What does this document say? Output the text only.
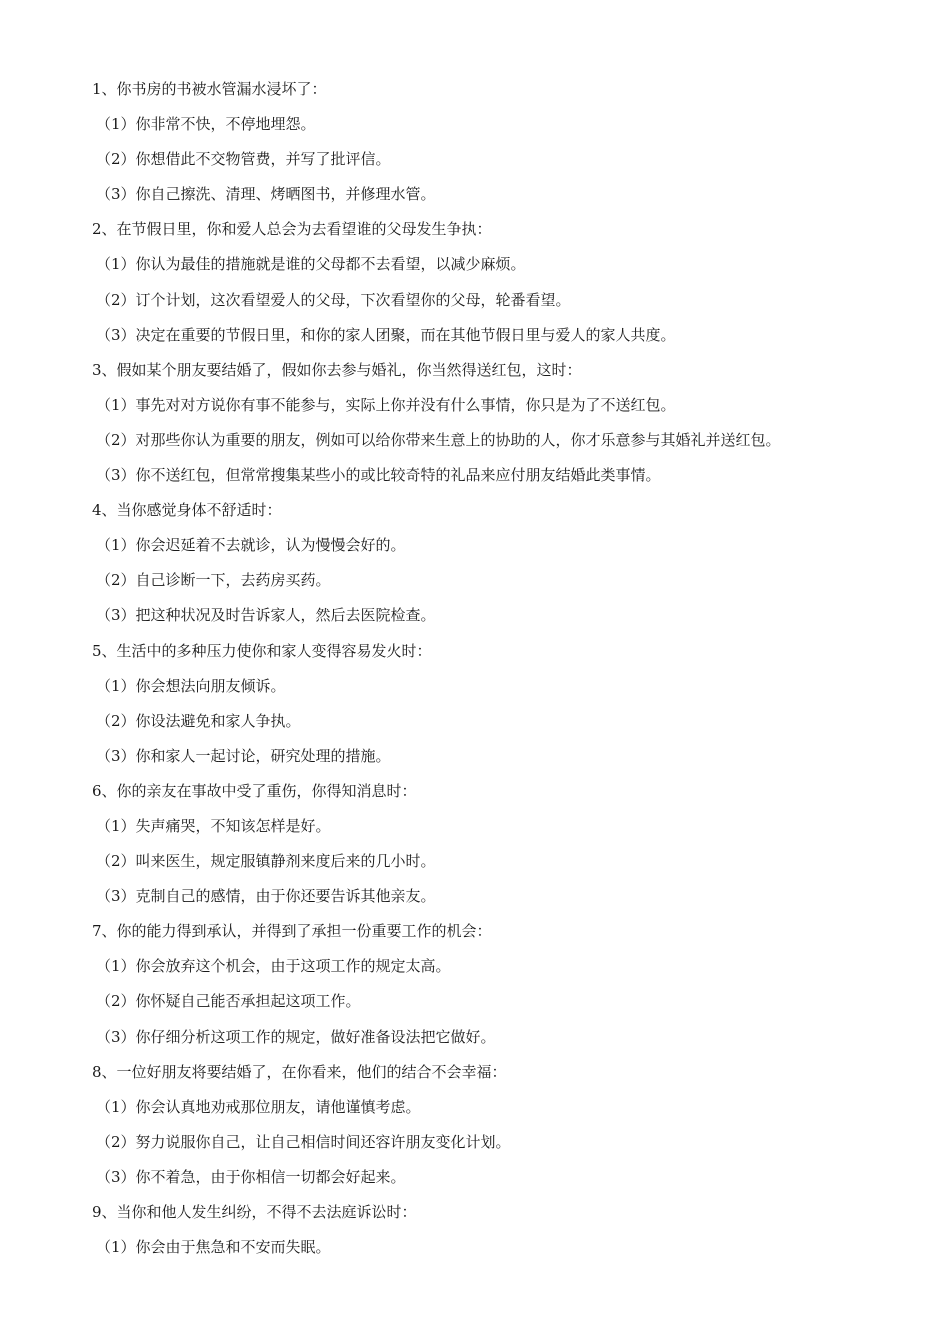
1、你书房的书被水管漏水浸坏了：
（1）你非常不快，不停地埋怨。
（2）你想借此不交物管费，并写了批评信。
（3）你自己擦洗、清理、烤晒图书，并修理水管。
2、在节假日里，你和爱人总会为去看望谁的父母发生争执：
（1）你认为最佳的措施就是谁的父母都不去看望，以减少麻烦。
（2）订个计划，这次看望爱人的父母，下次看望你的父母，轮番看望。
（3）决定在重要的节假日里，和你的家人团聚，而在其他节假日里与爱人的家人共度。
3、假如某个朋友要结婚了，假如你去参与婚礼，你当然得送红包，这时：
（1）事先对对方说你有事不能参与，实际上你并没有什么事情，你只是为了不送红包。
（2）对那些你认为重要的朋友，例如可以给你带来生意上的协助的人，你才乐意参与其婚礼并送红包。
（3）你不送红包，但常常搜集某些小的或比较奇特的礼品来应付朋友结婚此类事情。
4、当你感觉身体不舒适时：
（1）你会迟延着不去就诊，认为慢慢会好的。
（2）自己诊断一下，去药房买药。
（3）把这种状况及时告诉家人，然后去医院检查。
5、生活中的多种压力使你和家人变得容易发火时：
（1）你会想法向朋友倾诉。
（2）你设法避免和家人争执。
（3）你和家人一起讨论，研究处理的措施。
6、你的亲友在事故中受了重伤，你得知消息时：
（1）失声痛哭，不知该怎样是好。
（2）叫来医生，规定服镇静剂来度后来的几小时。
（3）克制自己的感情，由于你还要告诉其他亲友。
7、你的能力得到承认，并得到了承担一份重要工作的机会：
（1）你会放弃这个机会，由于这项工作的规定太高。
（2）你怀疑自己能否承担起这项工作。
（3）你仔细分析这项工作的规定，做好准备设法把它做好。
8、一位好朋友将要结婚了，在你看来，他们的结合不会幸福：
（1）你会认真地劝戒那位朋友，请他谨慎考虑。
（2）努力说服你自己，让自己相信时间还容许朋友变化计划。
（3）你不着急，由于你相信一切都会好起来。
9、当你和他人发生纠纷，不得不去法庭诉讼时：
（1）你会由于焦急和不安而失眠。
